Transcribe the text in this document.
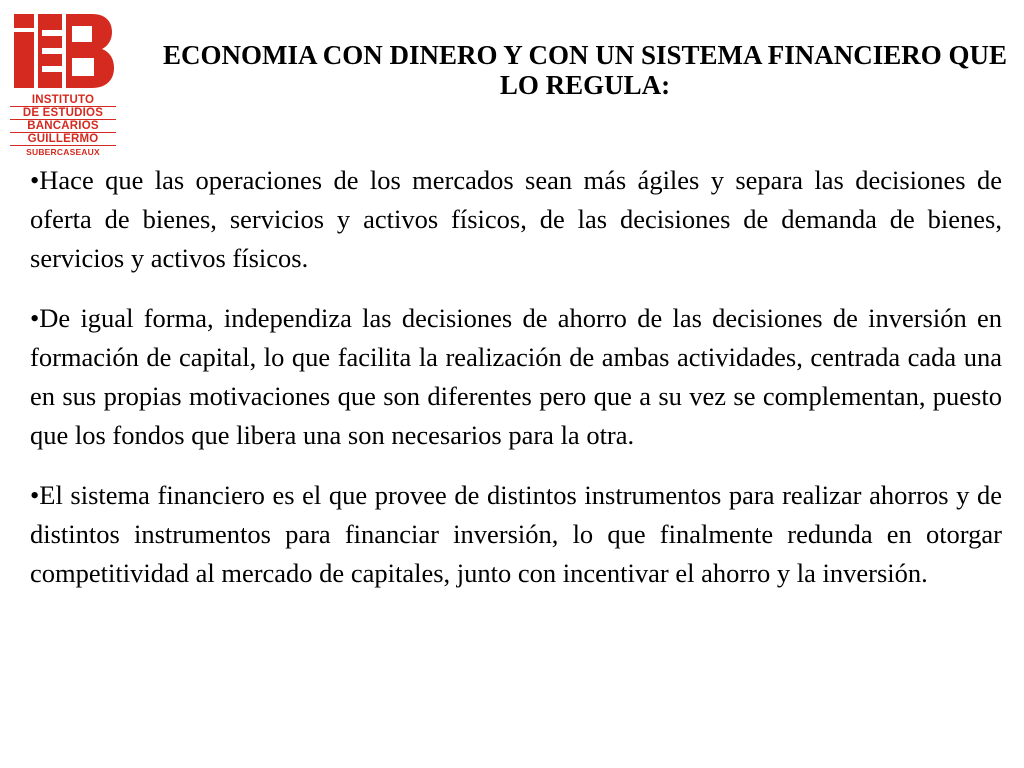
INSTITUTO
DE ESTUDIOS
BANCARIOS
GUILLERMO
SUBERCASEAUX
ECONOMIA CON DINERO Y CON UN SISTEMA FINANCIERO QUE LO REGULA:

•Hace que las operaciones de los mercados sean más ágiles y separa las decisiones de oferta de bienes, servicios y activos físicos, de las decisiones de demanda de bienes, servicios y activos físicos.

•De igual forma, independiza las decisiones de ahorro de las decisiones de inversión en formación de capital, lo que facilita la realización de ambas actividades, centrada cada una en sus propias motivaciones que son diferentes pero que a su vez se complementan, puesto que los fondos que libera una son necesarios para la otra.

•El sistema financiero es el que provee de distintos instrumentos para realizar ahorros y de distintos instrumentos para financiar inversión, lo que finalmente redunda en otorgar competitividad al mercado de capitales, junto con incentivar el ahorro y la inversión.
